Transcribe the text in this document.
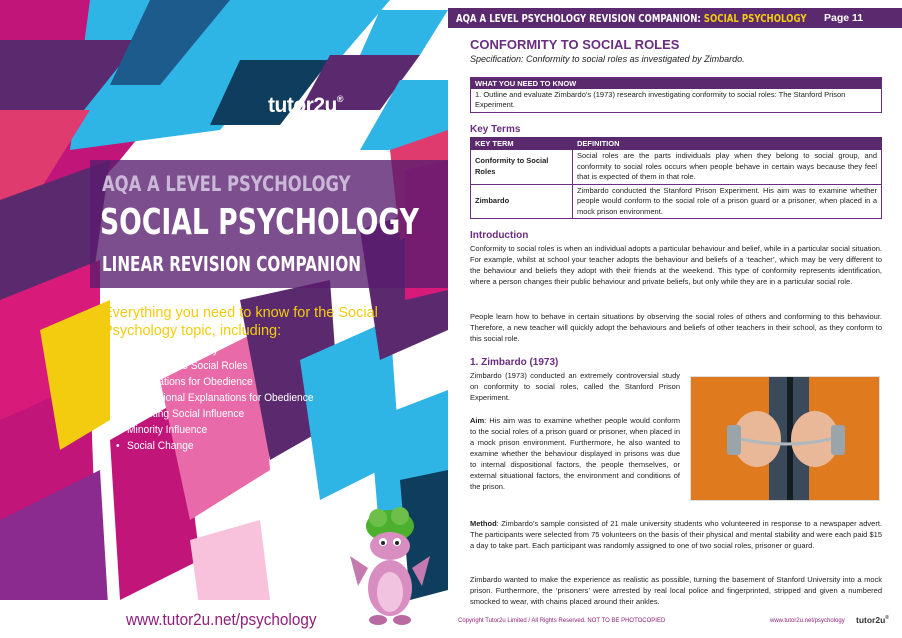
tutor2u®
AQA A LEVEL PSYCHOLOGY
SOCIAL PSYCHOLOGY
LINEAR REVISION COMPANION
Everything you need to know for the Social Psychology topic, including:
• Types of Conformity
• Conformity to Social Roles
• Explanations for Obedience
• Dispositional Explanations for Obedience
• Resisting Social Influence
• Minority Influence
• Social Change
www.tutor2u.net/psychology
AQA A LEVEL PSYCHOLOGY REVISION COMPANION: SOCIAL PSYCHOLOGY Page 11
CONFORMITY TO SOCIAL ROLES
Specification: Conformity to social roles as investigated by Zimbardo.
WHAT YOU NEED TO KNOW
1. Outline and evaluate Zimbardo’s (1973) research investigating conformity to social roles: The Stanford Prison Experiment.
Key Terms
KEY TERM	DEFINITION
Conformity to Social Roles	Social roles are the parts individuals play when they belong to social group, and conformity to social roles occurs when people behave in certain ways because they feel that is expected of them in that role.
Zimbardo	Zimbardo conducted the Stanford Prison Experiment. His aim was to examine whether people would conform to the social role of a prison guard or a prisoner, when placed in a mock prison environment.
Introduction
Conformity to social roles is when an individual adopts a particular behaviour and belief, while in a particular social situation. For example, whilst at school your teacher adopts the behaviour and beliefs of a ‘teacher’, which may be very different to the behaviour and beliefs they adopt with their friends at the weekend. This type of conformity represents identification, where a person changes their public behaviour and private beliefs, but only while they are in a particular social role.
People learn how to behave in certain situations by observing the social roles of others and conforming to this behaviour. Therefore, a new teacher will quickly adopt the behaviours and beliefs of other teachers in their school, as they conform to this social role.
1. Zimbardo (1973)
Zimbardo (1973) conducted an extremely controversial study on conformity to social roles, called the Stanford Prison Experiment.
Aim: His aim was to examine whether people would conform to the social roles of a prison guard or prisoner, when placed in a mock prison environment. Furthermore, he also wanted to examine whether the behaviour displayed in prisons was due to internal dispositional factors, the people themselves, or external situational factors, the environment and conditions of the prison.
Method: Zimbardo’s sample consisted of 21 male university students who volunteered in response to a newspaper advert. The participants were selected from 75 volunteers on the basis of their physical and mental stability and were each paid $15 a day to take part. Each participant was randomly assigned to one of two social roles, prisoner or guard.
Zimbardo wanted to make the experience as realistic as possible, turning the basement of Stanford University into a mock prison. Furthermore, the ‘prisoners’ were arrested by real local police and fingerprinted, stripped and given a numbered smocked to wear, with chains placed around their ankles.
Copyright Tutor2u Limited / All Rights Reserved. NOT TO BE PHOTOCOPIED	www.tutor2u.net/psychology tutor2u®
